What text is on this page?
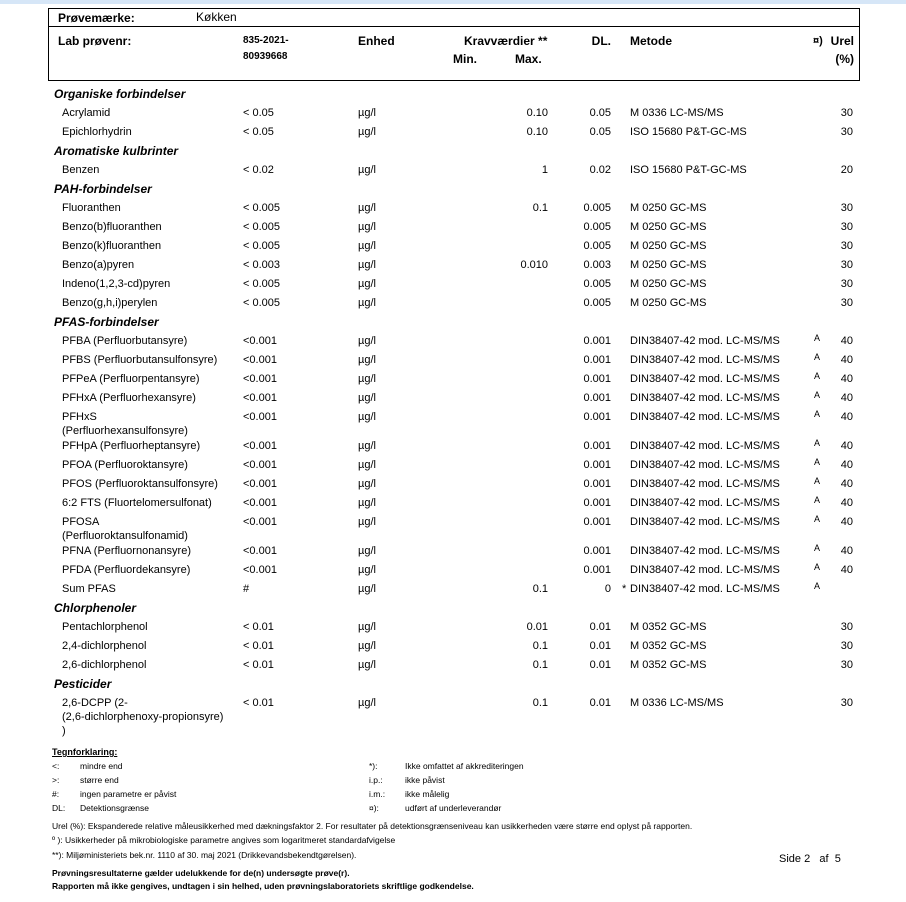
Prøvemærke:	Køkken
Lab prøvenr:	835-2021-
80939668
Enhed	Kravværdier **
Min.	Max.
DL. Metode	¤) Urel
(%)
Organiske forbindelser
Acrylamid	< 0.05	µg/l	0.10	0.05 M 0336 LC-MS/MS	30
Epichlorhydrin	< 0.05	µg/l	0.10	0.05 ISO 15680 P&T-GC-MS	30
Aromatiske kulbrinter
Benzen	< 0.02	µg/l	1	0.02 ISO 15680 P&T-GC-MS	20
PAH-forbindelser
Fluoranthen	< 0.005	µg/l	0.1	0.005 M 0250 GC-MS	30
Benzo(b)fluoranthen	< 0.005	µg/l	0.005 M 0250 GC-MS	30
Benzo(k)fluoranthen	< 0.005	µg/l	0.005 M 0250 GC-MS	30
Benzo(a)pyren	< 0.003	µg/l	0.010	0.003 M 0250 GC-MS	30
Indeno(1,2,3-cd)pyren	< 0.005	µg/l	0.005 M 0250 GC-MS	30
Benzo(g,h,i)perylen	< 0.005	µg/l	0.005 M 0250 GC-MS	30
PFAS-forbindelser
PFBA (Perfluorbutansyre)	<0.001	µg/l	0.001 DIN38407-42 mod. LC-MS/MS	A	40
PFBS (Perfluorbutansulfonsyre) <0.001	µg/l	0.001 DIN38407-42 mod. LC-MS/MS	A	40
PFPeA (Perfluorpentansyre)	<0.001	µg/l	0.001 DIN38407-42 mod. LC-MS/MS	A	40
PFHxA (Perfluorhexansyre)	<0.001	µg/l	0.001 DIN38407-42 mod. LC-MS/MS	A	40
PFHxS
(Perfluorhexansulfonsyre)
<0.001	µg/l	0.001 DIN38407-42 mod. LC-MS/MS	A	40
PFHpA (Perfluorheptansyre)	<0.001	µg/l	0.001 DIN38407-42 mod. LC-MS/MS	A	40
PFOA (Perfluoroktansyre)	<0.001	µg/l	0.001 DIN38407-42 mod. LC-MS/MS	A	40
PFOS (Perfluoroktansulfonsyre) <0.001	µg/l	0.001 DIN38407-42 mod. LC-MS/MS	A	40
6:2 FTS (Fluortelomersulfonat)	<0.001	µg/l	0.001 DIN38407-42 mod. LC-MS/MS	A	40
PFOSA
(Perfluoroktansulfonamid)
<0.001	µg/l	0.001 DIN38407-42 mod. LC-MS/MS	A	40
PFNA (Perfluornonansyre)	<0.001	µg/l	0.001 DIN38407-42 mod. LC-MS/MS	A	40
PFDA (Perfluordekansyre)	<0.001	µg/l	0.001 DIN38407-42 mod. LC-MS/MS	A	40
Sum PFAS	#	µg/l	0.1	0 * DIN38407-42 mod. LC-MS/MS	A
Chlorphenoler
Pentachlorphenol	< 0.01	µg/l	0.01	0.01 M 0352 GC-MS	30
2,4-dichlorphenol	< 0.01	µg/l	0.1	0.01 M 0352 GC-MS	30
2,6-dichlorphenol	< 0.01	µg/l	0.1	0.01 M 0352 GC-MS	30
Pesticider
2,6-DCPP (2-
(2,6-dichlorphenoxy-propionsyre)
)
< 0.01	µg/l	0.1	0.01 M 0336 LC-MS/MS	30
Tegnforklaring:
<: mindre end
>: større end
#: ingen parametre er påvist
DL: Detektionsgrænse
*):	Ikke omfattet af akkrediteringen
i.p.:	ikke påvist
i.m.: ikke målelig
¤):	udført af underleverandør
Urel (%): Ekspanderede relative måleusikkerhed med dækningsfaktor 2. For resultater på detektionsgrænseniveau kan usikkerheden være større end oplyst på rapporten.
º ): Usikkerheder på mikrobiologiske parametre angives som logaritmeret standardafvigelse
**): Miljøministeriets bek.nr. 1110 af 30. maj 2021 (Drikkevandsbekendtgørelsen).
Prøvningsresultaterne gælder udelukkende for de(n) undersøgte prøve(r).
Rapporten må ikke gengives, undtagen i sin helhed, uden prøvningslaboratoriets skriftlige godkendelse.
Side 2 af 5
